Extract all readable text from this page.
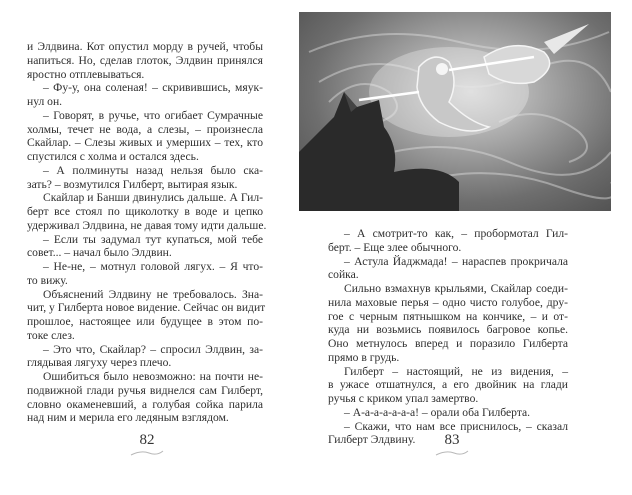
и Элдвина. Кот опустил морду в ручей, чтобы
напиться. Но, сделав глоток, Элдвин принялся
яростно отплевываться.
– Фу-у, она соленая! – скривившись, мяук-
нул он.
– Говорят, в ручье, что огибает Сумрачные
холмы, течет не вода, а слезы, – произнесла
Скайлар. – Слезы живых и умерших – тех, кто
спустился с холма и остался здесь.
– А полминуты назад нельзя было ска-
зать? – возмутился Гилберт, вытирая язык.
Скайлар и Банши двинулись дальше. А Гил-
берт все стоял по щиколотку в воде и цепко
удерживал Элдвина, не давая тому идти дальше.
– Если ты задумал тут купаться, мой тебе
совет... – начал было Элдвин.
– Не-не, – мотнул головой лягух. – Я что-
то вижу.
Объяснений Элдвину не требовалось. Зна-
чит, у Гилберта новое видение. Сейчас он видит
прошлое, настоящее или будущее в этом по-
токе слез.
– Это что, Скайлар? – спросил Элдвин, за-
глядывая лягуху через плечо.
Ошибиться было невозможно: на почти не-
подвижной глади ручья виднелся сам Гилберт,
словно окаменевший, а голубая сойка парила
над ним и мерила его ледяным взглядом.
82
– А смотрит-то как, – пробормотал Гил-
берт. – Еще злее обычного.
– Астула Йаджмада! – нараспев прокричала
сойка.
Сильно взмахнув крыльями, Скайлар соеди-
нила маховые перья – одно чисто голубое, дру-
гое с черным пятнышком на кончике, – и от-
куда ни возьмись появилось багровое копье.
Оно метнулось вперед и поразило Гилберта
прямо в грудь.
Гилберт – настоящий, не из видения, –
в ужасе отшатнулся, а его двойник на глади
ручья с криком упал замертво.
– А-а-а-а-а-а-а! – орали оба Гилберта.
– Скажи, что нам все приснилось, – сказал
Гилберт Элдвину.	83
